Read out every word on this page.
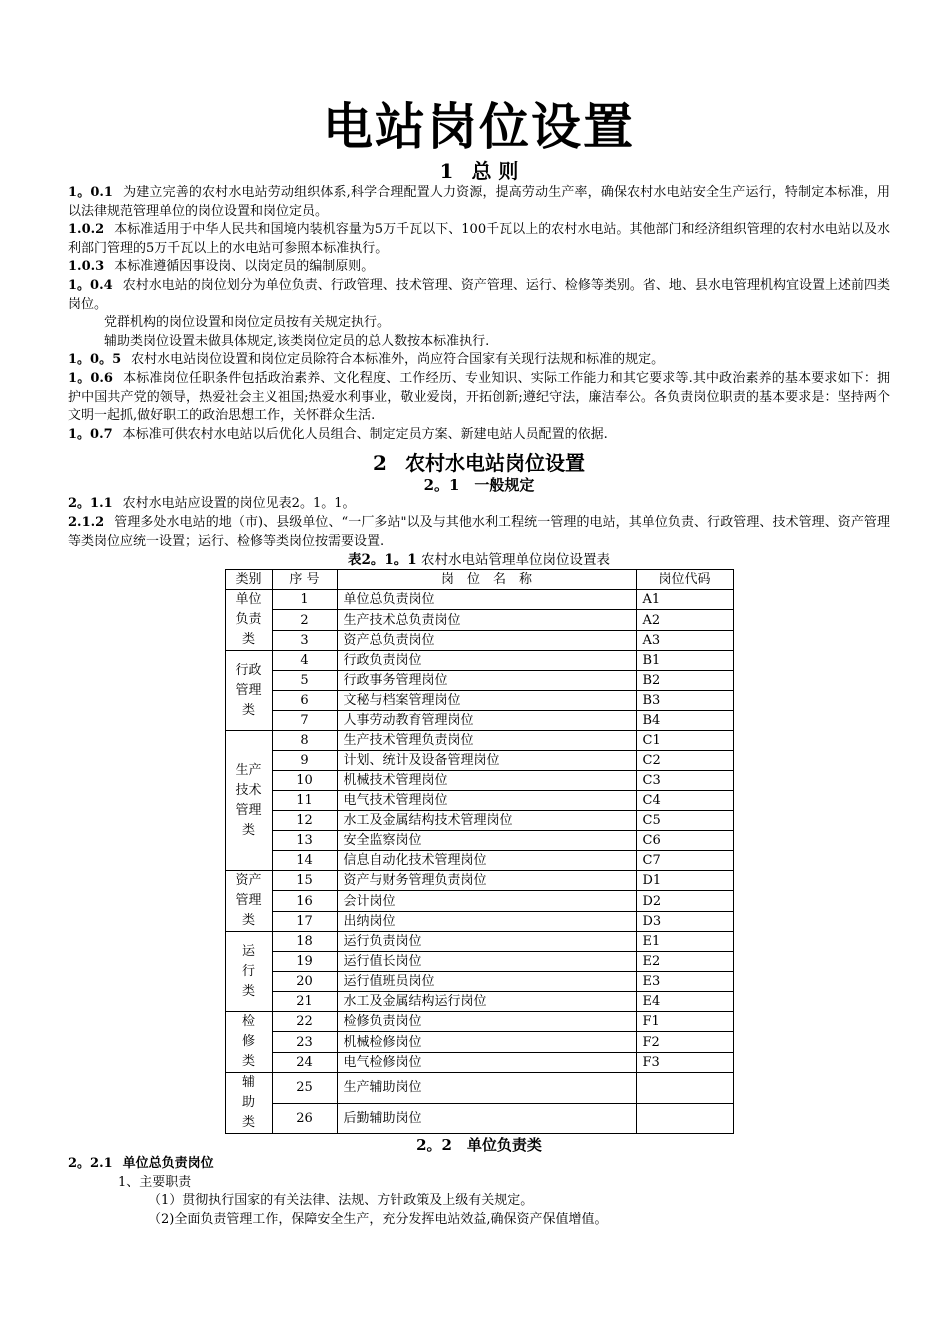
电站岗位设置
1 总 则

1。0.1 为建立完善的农村水电站劳动组织体系,科学合理配置人力资源，提高劳动生产率，确保农村水电站安全生产运行，特制定本标准，用以法律规范管理单位的岗位设置和岗位定员。

1.0.2 本标准适用于中华人民共和国境内装机容量为5万千瓦以下、100千瓦以上的农村水电站。其他部门和经济组织管理的农村水电站以及水利部门管理的5万千瓦以上的水电站可参照本标准执行。

1.0.3 本标准遵循因事设岗、以岗定员的编制原则。

1。0.4 农村水电站的岗位划分为单位负责、行政管理、技术管理、资产管理、运行、检修等类别。省、地、县水电管理机构宜设置上述前四类岗位。

党群机构的岗位设置和岗位定员按有关规定执行。

辅助类岗位设置未做具体规定,该类岗位定员的总人数按本标准执行.

1。0。5 农村水电站岗位设置和岗位定员除符合本标准外，尚应符合国家有关现行法规和标准的规定。

1。0.6 本标准岗位任职条件包括政治素养、文化程度、工作经历、专业知识、实际工作能力和其它要求等.其中政治素养的基本要求如下：拥护中国共产党的领导，热爱社会主义祖国;热爱水利事业，敬业爱岗，开拓创新;遵纪守法，廉洁奉公。各负责岗位职责的基本要求是：坚持两个文明一起抓,做好职工的政治思想工作，关怀群众生活.

1。0.7 本标准可供农村水电站以后优化人员组合、制定定员方案、新建电站人员配置的依据.

2 农村水电站岗位设置
2。1　一般规定

2。1.1 农村水电站应设置的岗位见表2。1。1。

2.1.2 管理多处水电站的地（市)、县级单位、“一厂多站"以及与其他水利工程统一管理的电站，其单位负责、行政管理、技术管理、资产管理等类岗位应统一设置；运行、检修等类岗位按需要设置.

表2。1。1 农村水电站管理单位岗位设置表

类别	序 号	岗　位　名　称	岗位代码
单位
负责
类	1	单位总负责岗位	A1
	2	生产技术总负责岗位	A2
	3	资产总负责岗位	A3
行政
管理
类	4	行政负责岗位	B1
	5	行政事务管理岗位	B2
	6	文秘与档案管理岗位	B3
	7	人事劳动教育管理岗位	B4
生产
技术
管理
类	8	生产技术管理负责岗位	C1
	9	计划、统计及设备管理岗位	C2
	10	机械技术管理岗位	C3
	11	电气技术管理岗位	C4
	12	水工及金属结构技术管理岗位	C5
	13	安全监察岗位	C6
	14	信息自动化技术管理岗位	C7
资产
管理
类	15	资产与财务管理负责岗位	D1
	16	会计岗位	D2
	17	出纳岗位	D3
运
行
类	18	运行负责岗位	E1
	19	运行值长岗位	E2
	20	运行值班员岗位	E3
	21	水工及金属结构运行岗位	E4
检
修
类	22	检修负责岗位	F1
	23	机械检修岗位	F2
	24	电气检修岗位	F3
辅
助
类	25	生产辅助岗位	
	26	后勤辅助岗位	
2。2　单位负责类

2。2.1 单位总负责岗位

1、主要职责

（1）贯彻执行国家的有关法律、法规、方针政策及上级有关规定。

（2)全面负责管理工作，保障安全生产，充分发挥电站效益,确保资产保值增值。
